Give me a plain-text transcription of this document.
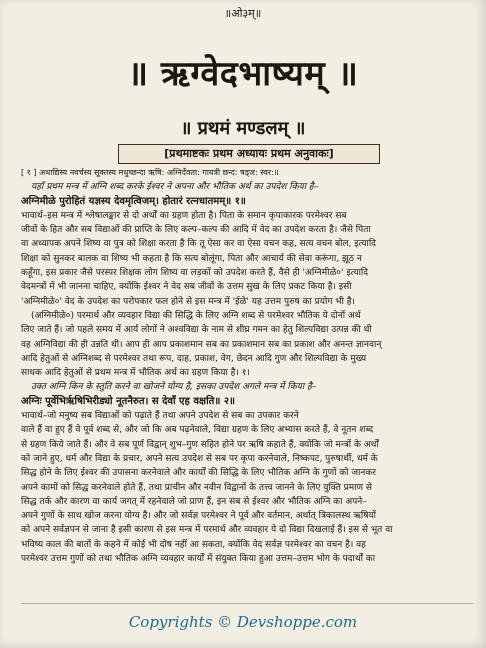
॥ओ३म्॥
॥ ऋग्वेदभाष्यम् ॥
॥ प्रथमं मण्डलम् ॥
[प्रथमाष्टकः प्रथम अध्यायः प्रथम अनुवाकः]
[ १ ] अथाद्यिस्य नवर्चस्य सूक्तस्य मधुच्छन्दा ऋषि: अग्निर्देवता: गायत्री छन्द: षड्ज: स्वर:॥
यहाँ प्रथम मन्त्र में अग्नि शब्द करके ईश्वर ने अपना और भौतिक अर्थ का उपदेश किया है–
अग्निमीळे पुरोहितं यज्ञस्य देवमृत्विजम्। होतारं रत्नधातमम्॥ १॥
भावार्थ–इस मन्त्र में श्लेषालङ्कार से दो अर्थों का ग्रहण होता है। पिता के समान कृपाकारक परमेश्वर सब
जीवों के हित और सब विद्याओं की प्राप्ति के लिए कल्प–कल्प की आदि में वेद का उपदेश करता है। जैसे पिता
वा अध्यापक अपने शिष्य वा पुत्र को शिक्षा करता है कि तू ऐसा कर वा ऐसा वचन कह, सत्य वचन बोल, इत्यादि
शिक्षा को सुनकर बालक वा शिष्य भी कहता है कि सत्य बोलूंगा, पिता और आचार्य की सेवा करूंगा, झूठ न
कहूँगा, इस प्रकार जैसे परस्पर शिक्षक लोग शिष्य वा लड़कों को उपदेश करते हैं, वैसे ही 'अग्निमीळे०' इत्यादि
वेदमन्त्रों में भी जानना चाहिए, क्योंकि ईश्वर ने वेद सब जीवों के उत्तम सुख के लिए प्रकट किया है। इसी
'अग्निमीळे०' वेद के उपदेश का परोपकार फल होने से इस मन्त्र में 'ईळे' यह उत्तम पुरुष का प्रयोग भी है।
(अग्निमीळे०) परमार्थ और व्यवहार विद्या की सिद्धि के लिए अग्नि शब्द से परमेश्वर भौतिक ये दोनों अर्थ
लिए जाते हैं। जो पहले समय में आर्य लोगों ने अश्वविद्या के नाम से शीघ्र गमन का हेतु शिल्पविद्या उत्पन्न की थी
वह अग्निविद्या की ही उन्नति थी। आप ही आप प्रकाशमान सब का प्रकाशमान सब का प्रकाश और अनन्त ज्ञानवान्
आदि हेतुओं से अग्निशब्द से परमेश्वर तथा रूप, दाह, प्रकाश, वेग, छेदन आदि गुण और शिल्पविद्या के मुख्य
साधक आदि हेतुओं से प्रथम मन्त्र में भौतिक अर्थ का ग्रहण किया है। १।
उक्त अग्नि किन के स्तुति करने वा खोजने योग्य है, इसका उपदेश अगले मन्त्र में किया है–
अग्निः पूर्वेभिर्ऋषिभिरीड्यो नूतनैरुत। स देवाँ एह वक्षति॥ २॥
भावार्थ–जो मनुष्य सब विद्याओं को पढ़ाते हैं तथा अपने उपदेश से सब का उपकार करने
वाले हैं वा हुए हैं वे पूर्व शब्द से, और जो कि अब पढ़नेवाले, विद्या ग्रहण के लिए अभ्यास करते हैं, वे नूतन शब्द
से ग्रहण किये जाते हैं। और वे सब पूर्ण विद्वान् शुभ–गुण सहित होने पर ऋषि कहाते हैं, क्योंकि जो मन्त्रों के अर्थों
को जाने हुए, धर्म और विद्या के प्रचार, अपने सत्य उपदेश से सब पर कृपा करनेवाले, निष्कपट, पुरुषार्थी, धर्म के
सिद्ध होने के लिए ईश्वर की उपासना करनेवाले और कार्यों की सिद्धि के लिए भौतिक अग्नि के गुणों को जानकर
अपने कामों को सिद्ध करनेवाले होते हैं, तथा प्राचीन और नवीन विद्वानों के तत्त्व जानने के लिए युक्ति प्रमाण से
सिद्ध तर्क और कारण वा कार्य जगत् में रहनेवाले जो प्राण हैं, इन सब से ईश्वर और भौतिक अग्नि का अपने–
अपने गुणों के साथ खोज करना योग्य है। और जो सर्वज्ञ परमेश्वर ने पूर्व और वर्तमान, अर्थात् त्रिकालस्थ ऋषियों
को अपने सर्वज्ञपन से जाना है इसी कारण से इस मन्त्र में परमार्थ और व्यवहार ये दो विद्या दिखलाई हैं। इस से भूत वा
भविष्य काल की बातों के कहने में कोई भी दोष नहीं आ सकता, क्योंकि वेद सर्वज्ञ परमेश्वर का वचन है। वह
परमेश्वर उत्तम गुणों को तथा भौतिक अग्नि व्यवहार कार्यों में संयुक्त किया हुआ उत्तम–उत्तम भोग के पदार्थों का
Copyrights © Devshoppe.com
